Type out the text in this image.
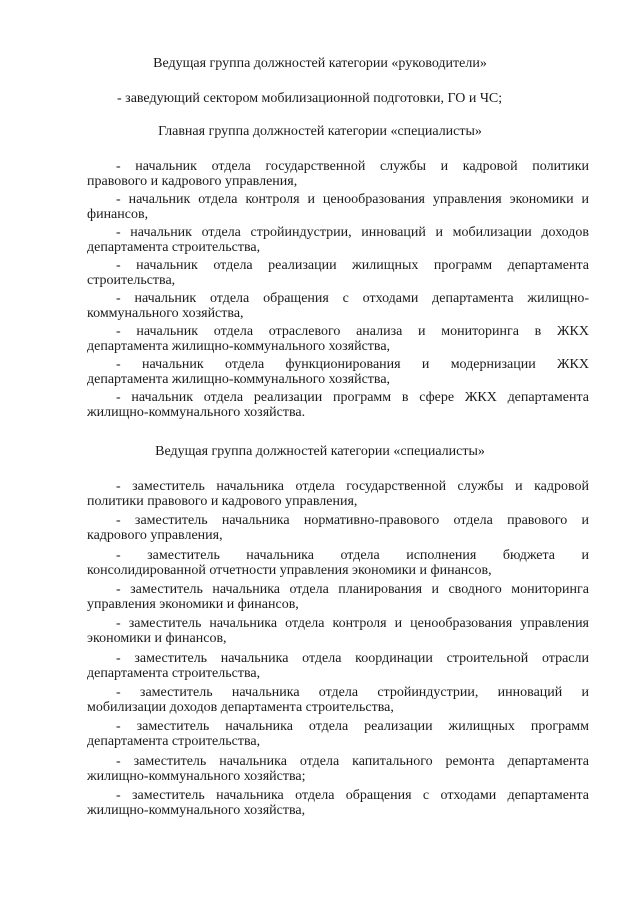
Ведущая группа должностей категории «руководители»
- заведующий сектором мобилизационной подготовки, ГО и ЧС;
Главная группа должностей категории «специалисты»
- начальник отдела государственной службы и кадровой политики
правового и кадрового управления,
- начальник отдела контроля и ценообразования управления экономики и
финансов,
- начальник отдела стройиндустрии, инноваций и мобилизации доходов
департамента строительства,
- начальник отдела реализации жилищных программ департамента
строительства,
- начальник отдела обращения с отходами департамента жилищно-
коммунального хозяйства,
- начальник отдела отраслевого анализа и мониторинга в ЖКХ
департамента жилищно-коммунального хозяйства,
- начальник отдела функционирования и модернизации ЖКХ
департамента жилищно-коммунального хозяйства,
- начальник отдела реализации программ в сфере ЖКХ департамента
жилищно-коммунального хозяйства.
Ведущая группа должностей категории «специалисты»
- заместитель начальника отдела государственной службы и кадровой
политики правового и кадрового управления,
- заместитель начальника нормативно-правового отдела правового и
кадрового управления,
- заместитель начальника отдела исполнения бюджета и
консолидированной отчетности управления экономики и финансов,
- заместитель начальника отдела планирования и сводного мониторинга
управления экономики и финансов,
- заместитель начальника отдела контроля и ценообразования управления
экономики и финансов,
- заместитель начальника отдела координации строительной отрасли
департамента строительства,
- заместитель начальника отдела стройиндустрии, инноваций и
мобилизации доходов департамента строительства,
- заместитель начальника отдела реализации жилищных программ
департамента строительства,
- заместитель начальника отдела капитального ремонта департамента
жилищно-коммунального хозяйства;
- заместитель начальника отдела обращения с отходами департамента
жилищно-коммунального хозяйства,
